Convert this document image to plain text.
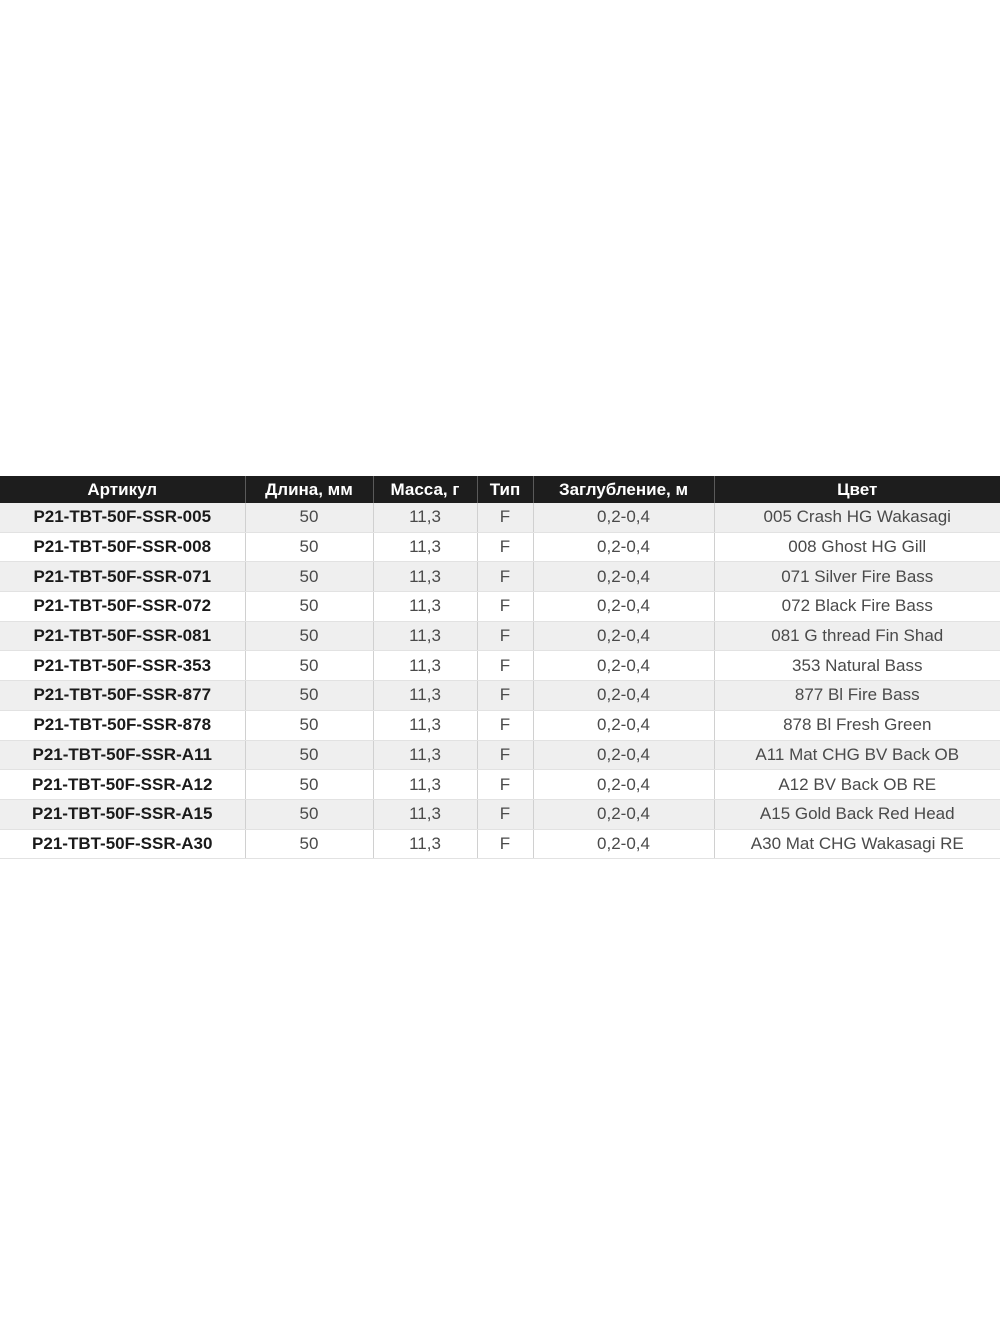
Артикул	Длина, мм	Масса, г	Тип	Заглубление, м	Цвет
P21-TBT-50F-SSR-005	50	11,3	F	0,2-0,4	005 Crash HG Wakasagi
P21-TBT-50F-SSR-008	50	11,3	F	0,2-0,4	008 Ghost HG Gill
P21-TBT-50F-SSR-071	50	11,3	F	0,2-0,4	071 Silver Fire Bass
P21-TBT-50F-SSR-072	50	11,3	F	0,2-0,4	072 Black Fire Bass
P21-TBT-50F-SSR-081	50	11,3	F	0,2-0,4	081 G thread Fin Shad
P21-TBT-50F-SSR-353	50	11,3	F	0,2-0,4	353 Natural Bass
P21-TBT-50F-SSR-877	50	11,3	F	0,2-0,4	877 Bl Fire Bass
P21-TBT-50F-SSR-878	50	11,3	F	0,2-0,4	878 Bl Fresh Green
P21-TBT-50F-SSR-A11	50	11,3	F	0,2-0,4	A11 Mat CHG BV Back OB
P21-TBT-50F-SSR-A12	50	11,3	F	0,2-0,4	A12 BV Back OB RE
P21-TBT-50F-SSR-A15	50	11,3	F	0,2-0,4	A15 Gold Back Red Head
P21-TBT-50F-SSR-A30	50	11,3	F	0,2-0,4	A30 Mat CHG Wakasagi RE
